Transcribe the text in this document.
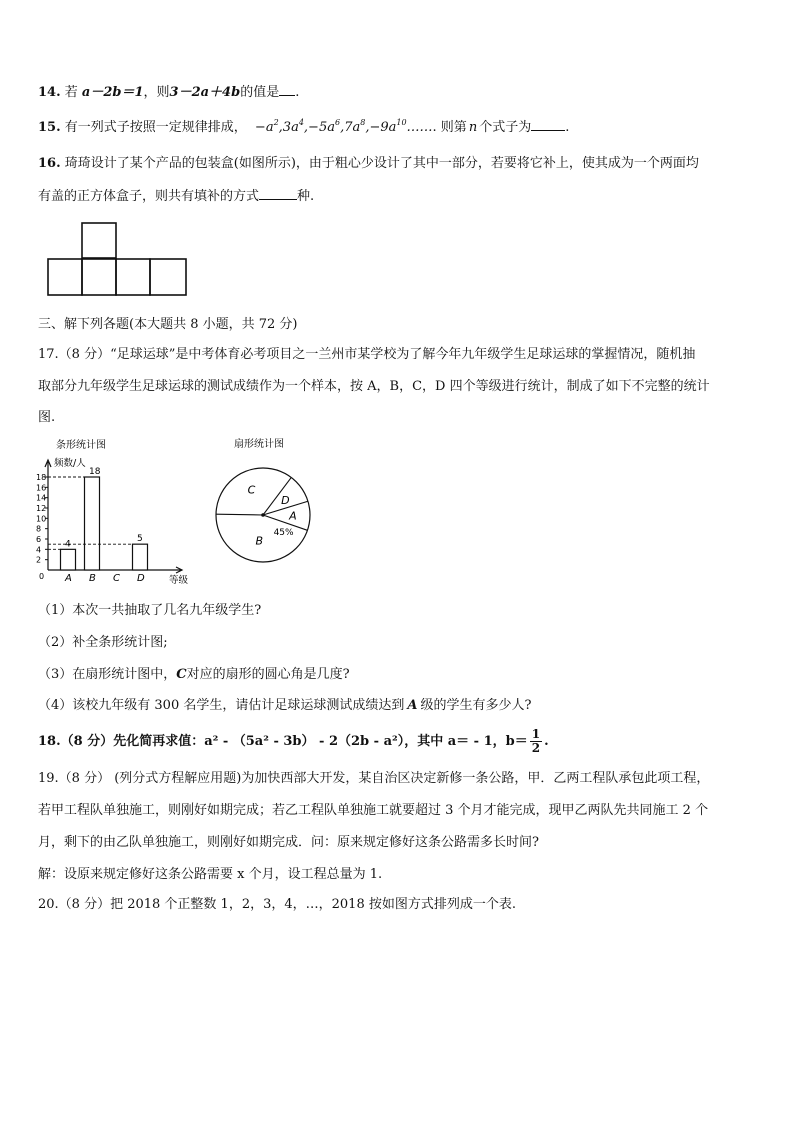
14. 若 a－2b＝1，则3－2a＋4b的值是 .
15. 有一列式子按照一定规律排成， $-a^2,3a^4,-5a^6,7a^8,-9a^{10}\dots\dots$. 则第 n 个式子为	.
16. 琦琦设计了某个产品的包装盒(如图所示)，由于粗心少设计了其中一部分，若要将它补上，使其成为一个两面均
有盖的正方体盒子，则共有填补的方式	种.
三、解下列各题(本大题共 8 小题，共 72 分)
17.（8 分）“足球运球”是中考体育必考项目之一兰州市某学校为了解今年九年级学生足球运球的掌握情况，随机抽
取部分九年级学生足球运球的测试成绩作为一个样本，按 A，B，C，D 四个等级进行统计，制成了如下不完整的统计
图.
条形统计图
频数/人
等级
0
2
4
6
8
10
12
14
16
18
A
4
B
18
C D
5
扇形统计图
A
B
C
D
45%
（1）本次一共抽取了几名九年级学生?
（2）补全条形统计图;
（3）在扇形统计图中，C对应的扇形的圆心角是几度?
（4）该校九年级有 300 名学生，请估计足球运球测试成绩达到 A 级的学生有多少人?
18.（8 分）先化简再求值：a² - （5a² - 3b） - 2（2b - a²），其中 a＝ - 1，$b= \frac{1}{2}$ .
19.（8 分） (列分式方程解应用题)为加快西部大开发，某自治区决定新修一条公路，甲．乙两工程队承包此项工程，
若甲工程队单独施工，则刚好如期完成；若乙工程队单独施工就要超过 3 个月才能完成，现甲乙两队先共同施工 2 个
月，剩下的由乙队单独施工，则刚好如期完成．问：原来规定修好这条公路需多长时间?
解：设原来规定修好这条公路需要 x 个月，设工程总量为 1.
20.（8 分）把 2018 个正整数 1，2，3，4，…，2018 按如图方式排列成一个表.
